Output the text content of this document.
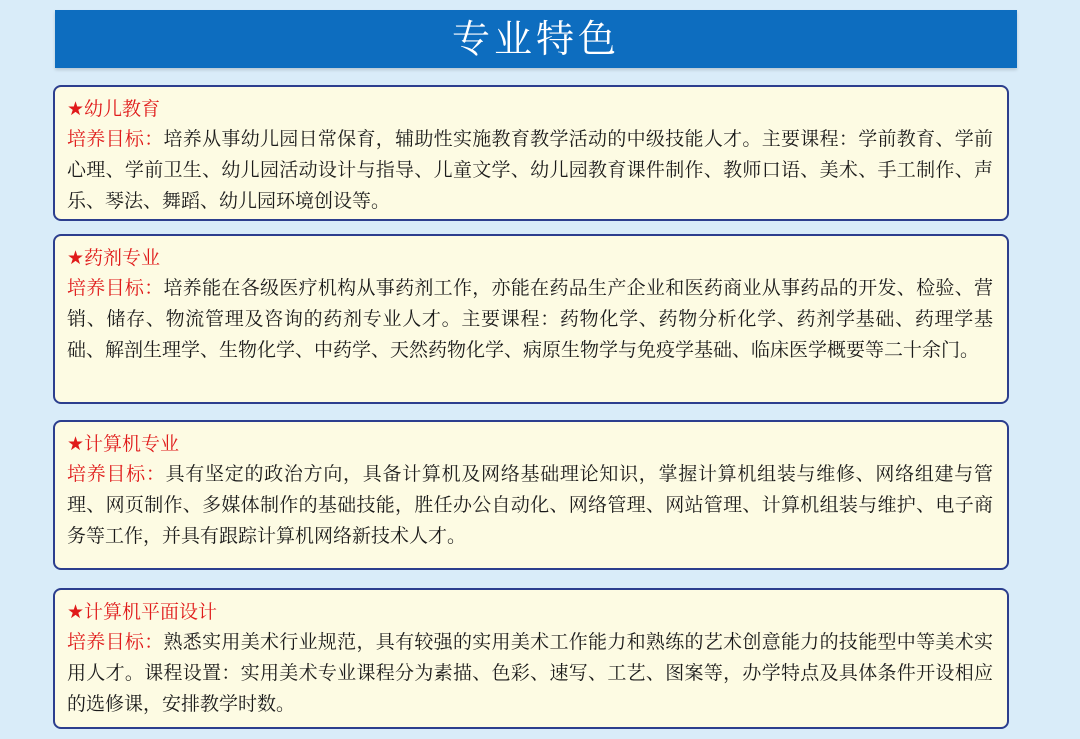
专业特色
★幼儿教育
培养目标：培养从事幼儿园日常保育，辅助性实施教育教学活动的中级技能人才。主要课程：学前教育、学前心理、学前卫生、幼儿园活动设计与指导、儿童文学、幼儿园教育课件制作、教师口语、美术、手工制作、声乐、琴法、舞蹈、幼儿园环境创设等。
★药剂专业
培养目标：培养能在各级医疗机构从事药剂工作，亦能在药品生产企业和医药商业从事药品的开发、检验、营销、储存、物流管理及咨询的药剂专业人才。主要课程：药物化学、药物分析化学、药剂学基础、药理学基础、解剖生理学、生物化学、中药学、天然药物化学、病原生物学与免疫学基础、临床医学概要等二十余门。
★计算机专业
培养目标：具有坚定的政治方向，具备计算机及网络基础理论知识，掌握计算机组装与维修、网络组建与管理、网页制作、多媒体制作的基础技能，胜任办公自动化、网络管理、网站管理、计算机组装与维护、电子商务等工作，并具有跟踪计算机网络新技术人才。
★计算机平面设计
培养目标：熟悉实用美术行业规范，具有较强的实用美术工作能力和熟练的艺术创意能力的技能型中等美术实用人才。课程设置：实用美术专业课程分为素描、色彩、速写、工艺、图案等，办学特点及具体条件开设相应的选修课，安排教学时数。
